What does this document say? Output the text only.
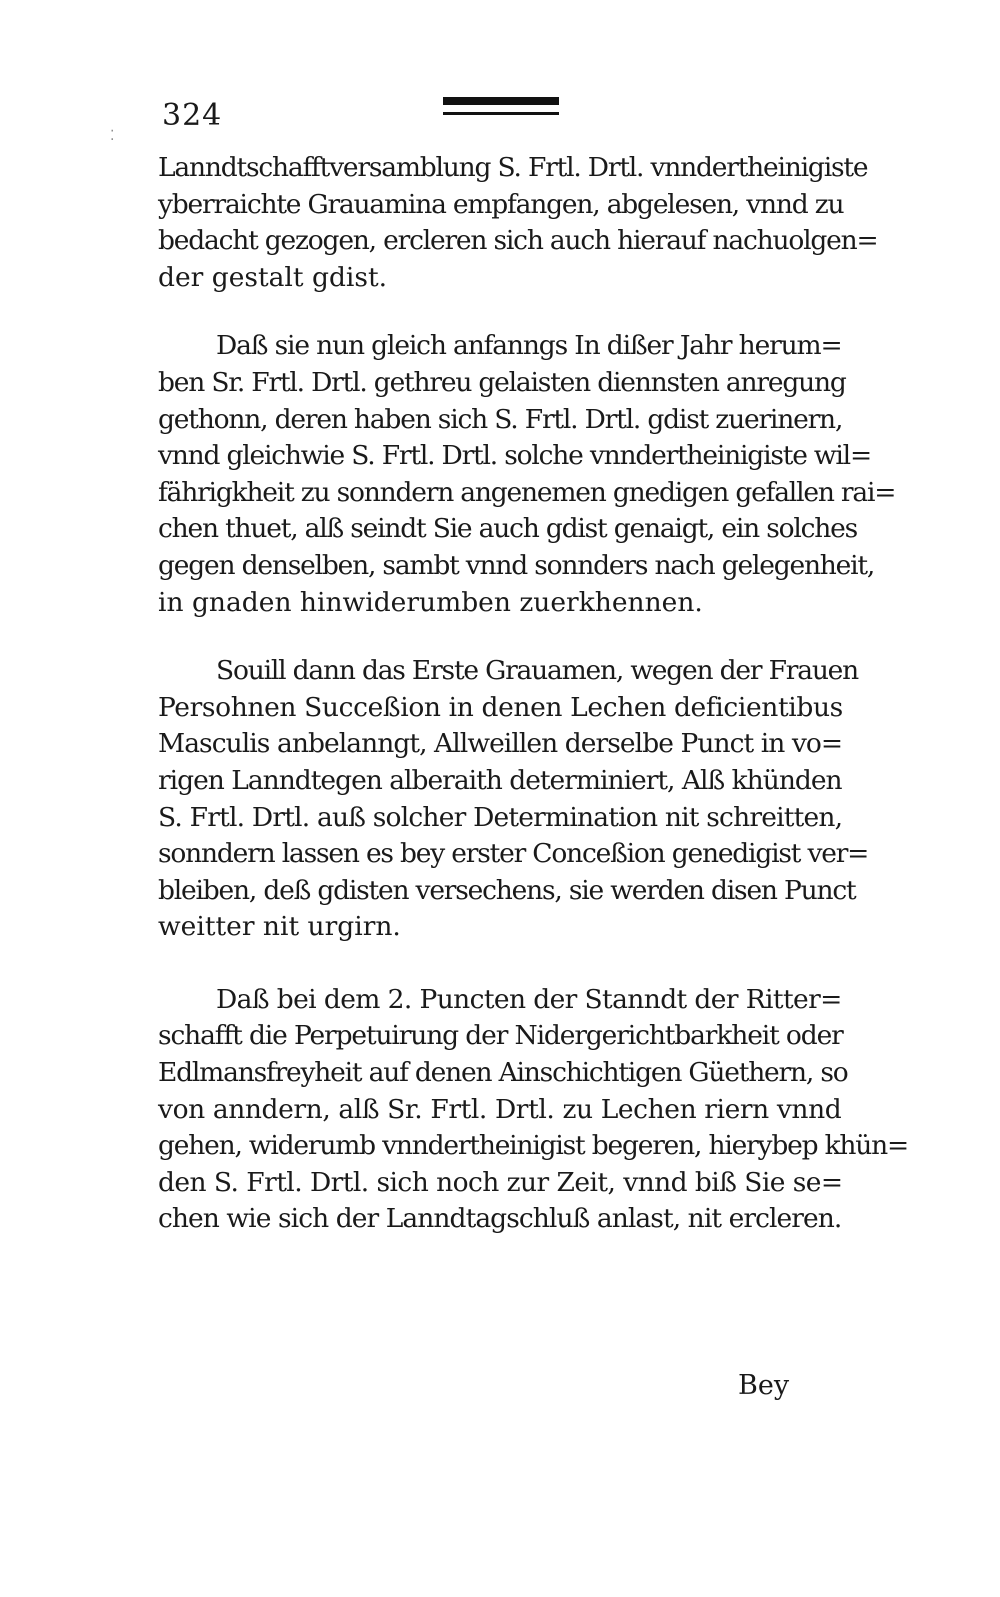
⁚
324

Lanndtschafftversamblung S. Frtl. Drtl. vnndertheinigiste
yberraichte Grauamina empfangen, abgelesen, vnnd zu
bedacht gezogen, ercleren sich auch hierauf nachuolgen=
der gestalt gdist.

Daß sie nun gleich anfanngs In dißer Jahr herum=
ben Sr. Frtl. Drtl. gethreu gelaisten diennsten anregung
gethonn, deren haben sich S. Frtl. Drtl. gdist zuerinern,
vnnd gleichwie S. Frtl. Drtl. solche vnndertheinigiste wil=
fährigkheit zu sonndern angenemen gnedigen gefallen rai=
chen thuet, alß seindt Sie auch gdist genaigt, ein solches
gegen denselben, sambt vnnd sonnders nach gelegenheit,
in gnaden hinwiderumben zuerkhennen.

Souill dann das Erste Grauamen, wegen der Frauen
Persohnen Succeßion in denen Lechen deficientibus
Masculis anbelanngt, Allweillen derselbe Punct in vo=
rigen Lanndtegen alberaith determiniert, Alß khünden
S. Frtl. Drtl. auß solcher Determination nit schreitten,
sonndern lassen es bey erster Conceßion genedigist ver=
bleiben, deß gdisten versechens, sie werden disen Punct
weitter nit urgirn.

Daß bei dem 2. Puncten der Stanndt der Ritter=
schafft die Perpetuirung der Nidergerichtbarkheit oder
Edlmansfreyheit auf denen Ainschichtigen Güethern, so
von anndern, alß Sr. Frtl. Drtl. zu Lechen riern vnnd
gehen, widerumb vnndertheinigist begeren, hierybер khün=
den S. Frtl. Drtl. sich noch zur Zeit, vnnd biß Sie se=
chen wie sich der Lanndtagschluß anlast, nit ercleren.

Bey
